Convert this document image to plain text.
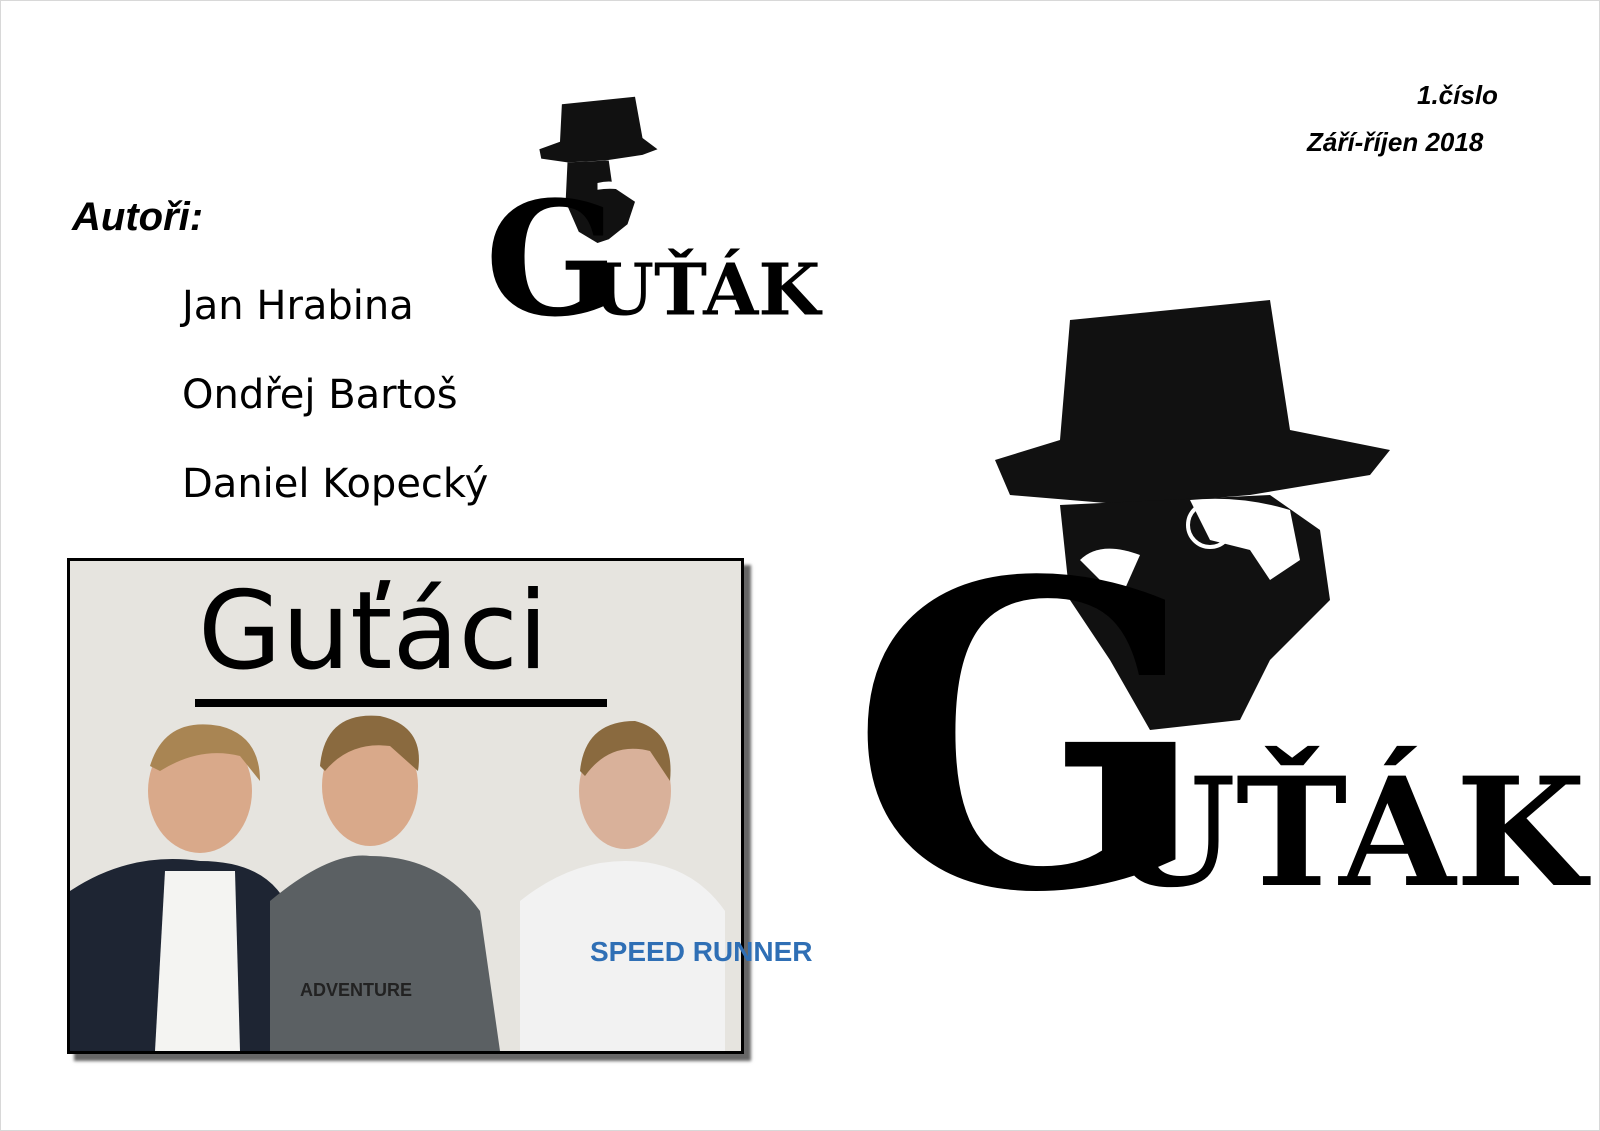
1.číslo
Září-říjen 2018
Autoři:
Jan Hrabina
Ondřej Bartoš
Daniel Kopecký
G
UŤÁK
G
UŤÁK
Guťáci
ADVENTURE
SPEED RUNNER
